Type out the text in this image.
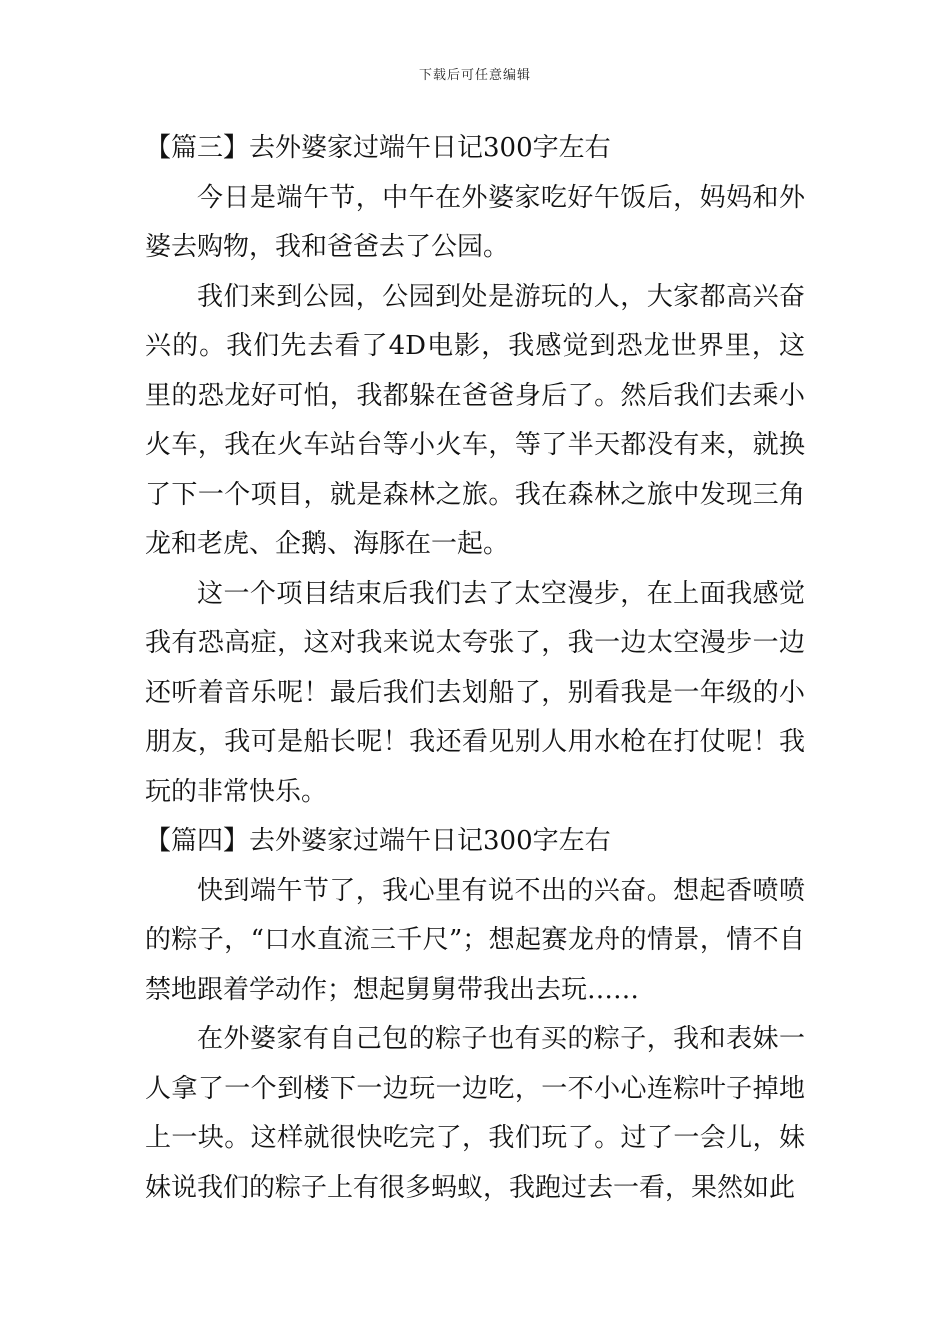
下载后可任意编辑
【篇三】去外婆家过端午日记300字左右

今日是端午节，中午在外婆家吃好午饭后，妈妈和外婆去购物，我和爸爸去了公园。

我们来到公园，公园到处是游玩的人，大家都高兴奋兴的。我们先去看了4D电影，我感觉到恐龙世界里，这里的恐龙好可怕，我都躲在爸爸身后了。然后我们去乘小火车，我在火车站台等小火车，等了半天都没有来，就换了下一个项目，就是森林之旅。我在森林之旅中发现三角龙和老虎、企鹅、海豚在一起。

这一个项目结束后我们去了太空漫步，在上面我感觉我有恐高症，这对我来说太夸张了，我一边太空漫步一边还听着音乐呢！最后我们去划船了，别看我是一年级的小朋友，我可是船长呢！我还看见别人用水枪在打仗呢！我玩的非常快乐。

【篇四】去外婆家过端午日记300字左右

快到端午节了，我心里有说不出的兴奋。想起香喷喷的粽子，“口水直流三千尺”；想起赛龙舟的情景，情不自禁地跟着学动作；想起舅舅带我出去玩……

在外婆家有自己包的粽子也有买的粽子，我和表妹一人拿了一个到楼下一边玩一边吃，一不小心连粽叶子掉地上一块。这样就很快吃完了，我们玩了。过了一会儿，妹妹说我们的粽子上有很多蚂蚁，我跑过去一看，果然如此
